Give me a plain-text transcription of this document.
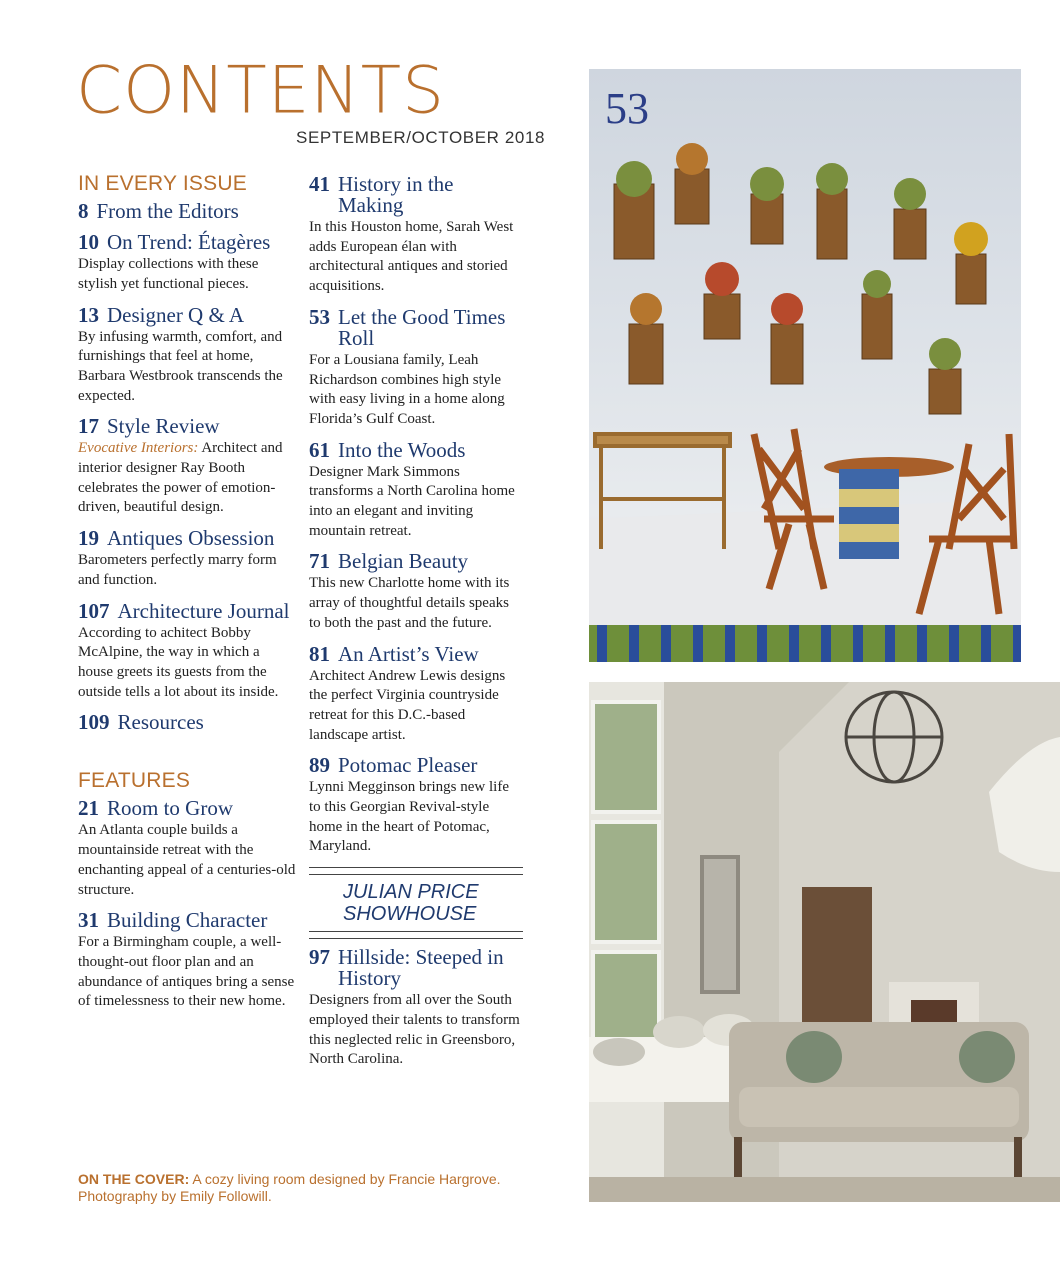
CONTENTS
SEPTEMBER/OCTOBER 2018
IN EVERY ISSUE
8 From the Editors
10 On Trend: Étagères
Display collections with these stylish yet functional pieces.
13 Designer Q & A
By infusing warmth, comfort, and furnishings that feel at home, Barbara Westbrook transcends the expected.
17 Style Review
Evocative Interiors: Architect and interior designer Ray Booth celebrates the power of emotion-driven, beautiful design.
19 Antiques Obsession
Barometers perfectly marry form and function.
107 Architecture Journal
According to achitect Bobby McAlpine, the way in which a house greets its guests from the outside tells a lot about its inside.
109 Resources
FEATURES
21 Room to Grow
An Atlanta couple builds a mountainside retreat with the enchanting appeal of a centuries-old structure.
31 Building Character
For a Birmingham couple, a well-thought-out floor plan and an abundance of antiques bring a sense of timelessness to their new home.
41 History in the Making
In this Houston home, Sarah West adds European élan with architectural antiques and storied acquisitions.
53 Let the Good Times Roll
For a Lousiana family, Leah Richardson combines high style with easy living in a home along Florida’s Gulf Coast.
61 Into the Woods
Designer Mark Simmons transforms a North Carolina home into an elegant and inviting mountain retreat.
71 Belgian Beauty
This new Charlotte home with its array of thoughtful details speaks to both the past and the future.
81 An Artist’s View
Architect Andrew Lewis designs the perfect Virginia countryside retreat for this D.C.-based landscape artist.
89 Potomac Pleaser
Lynni Megginson brings new life to this Georgian Revival-style home in the heart of Potomac, Maryland.
JULIAN PRICE
SHOWHOUSE
97 Hillside: Steeped in History
Designers from all over the South employed their talents to transform this neglected relic in Greensboro, North Carolina.
53
ON THE COVER: A cozy living room designed by Francie Hargrove. Photography by Emily Followill.
